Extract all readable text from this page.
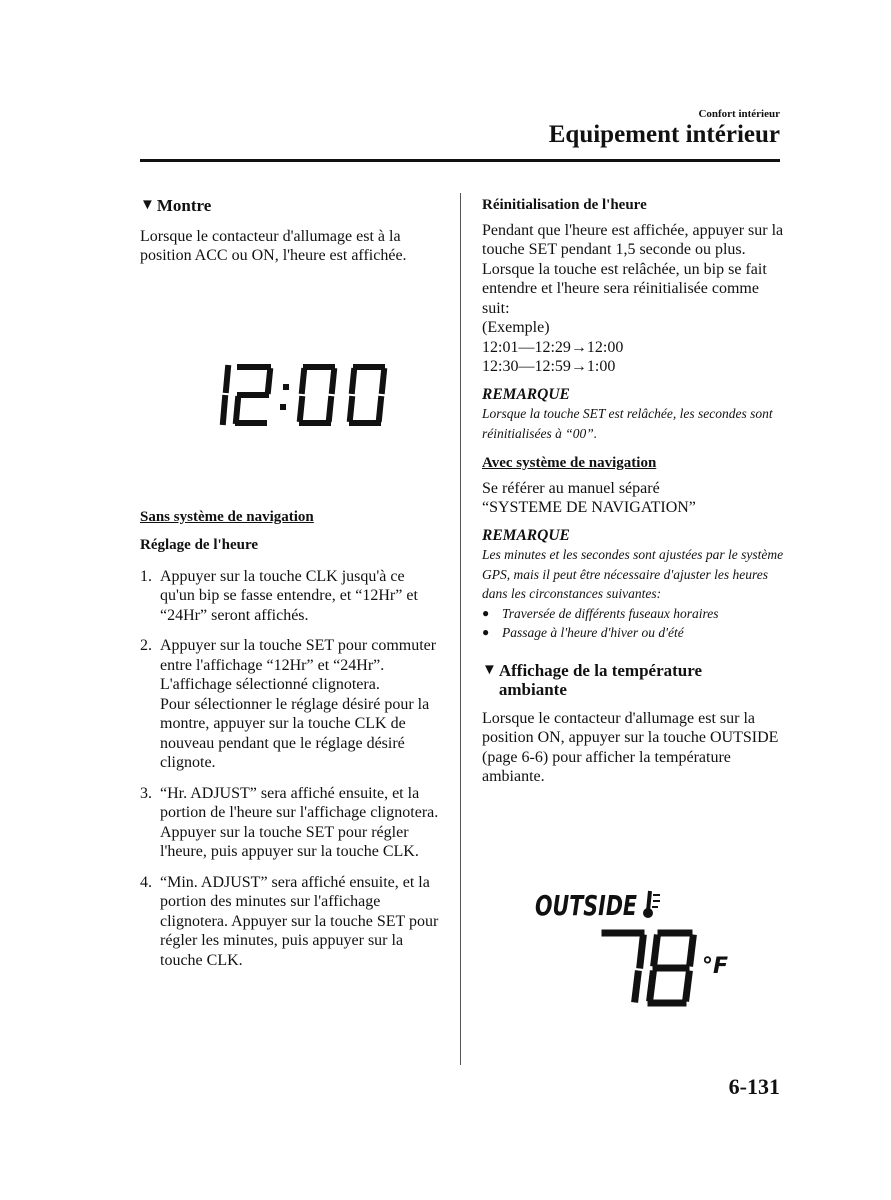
Confort intérieur
Equipement intérieur
▼ Montre

Lorsque le contacteur d'allumage est à la position ACC ou ON, l'heure est affichée.

Sans système de navigation

Réglage de l'heure

1. Appuyer sur la touche CLK jusqu'à ce qu'un bip se fasse entendre, et “12Hr” et “24Hr” seront affichés.
2. Appuyer sur la touche SET pour commuter entre l'affichage “12Hr” et “24Hr”. L'affichage sélectionné clignotera.
Pour sélectionner le réglage désiré pour la montre, appuyer sur la touche CLK de nouveau pendant que le réglage désiré clignote.
3. “Hr. ADJUST” sera affiché ensuite, et la portion de l'heure sur l'affichage clignotera. Appuyer sur la touche SET pour régler l'heure, puis appuyer sur la touche CLK.
4. “Min. ADJUST” sera affiché ensuite, et la portion des minutes sur l'affichage clignotera. Appuyer sur la touche SET pour régler les minutes, puis appuyer sur la touche CLK.

Réinitialisation de l'heure

Pendant que l'heure est affichée, appuyer sur la touche SET pendant 1,5 seconde ou plus. Lorsque la touche est relâchée, un bip se fait entendre et l'heure sera réinitialisée comme suit:

(Exemple)

12:01—12:29→12:00

12:30—12:59→1:00

REMARQUE

Lorsque la touche SET est relâchée, les secondes sont réinitialisées à “00”.

Avec système de navigation

Se référer au manuel séparé

“SYSTEME DE NAVIGATION”

REMARQUE

Les minutes et les secondes sont ajustées par le système GPS, mais il peut être nécessaire d'ajuster les heures dans les circonstances suivantes:

● Traversée de différents fuseaux horaires
● Passage à l'heure d'hiver ou d'été
▼ Affichage de la température
ambiante

Lorsque le contacteur d'allumage est sur la position ON, appuyer sur la touche OUTSIDE (page 6-6) pour afficher la température ambiante.

OUTSIDE
°F
6-131
